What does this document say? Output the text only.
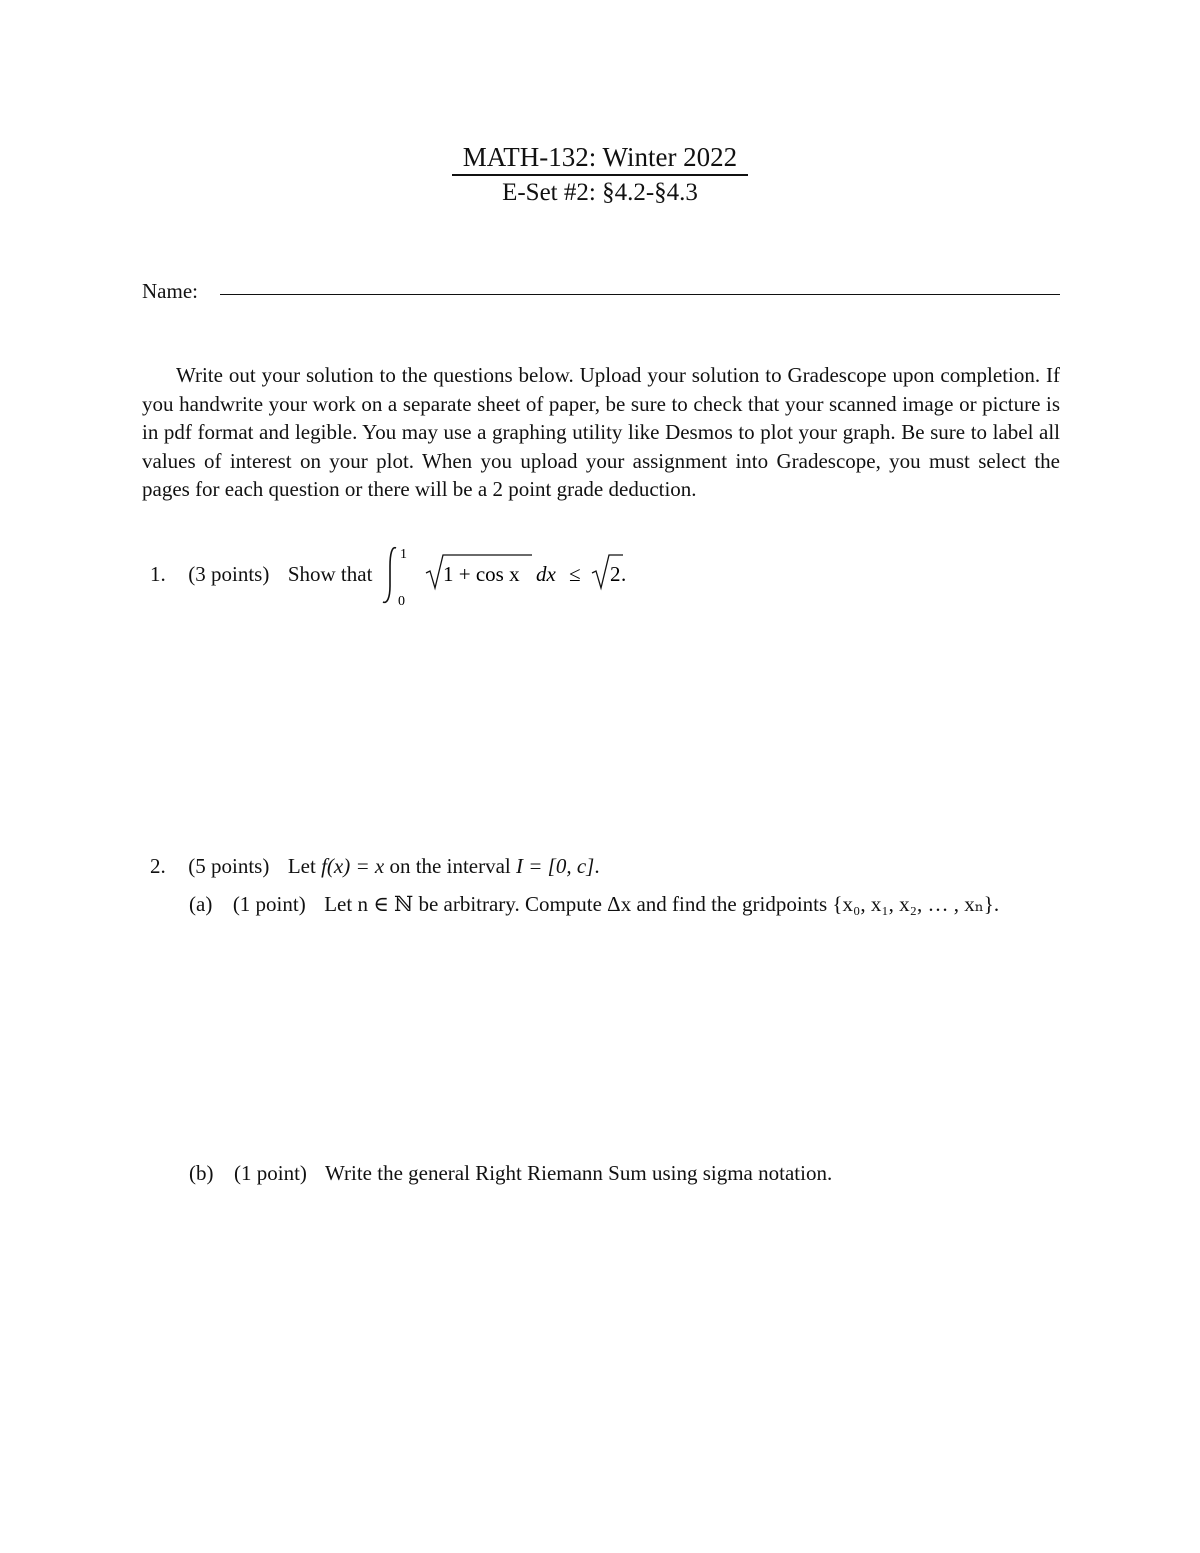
MATH-132: Winter 2022
E-Set #2: §4.2-§4.3
Name:

Write out your solution to the questions below. Upload your solution to Gradescope upon completion. If you handwrite your work on a separate sheet of paper, be sure to check that your scanned image or picture is in pdf format and legible. You may use a graphing utility like Desmos to plot your graph. Be sure to label all values of interest on your plot. When you upload your assignment into Gradescope, you must select the pages for each question or there will be a 2 point grade deduction.

1. (3 points) Show that
1
0
1 + cos x dx ≤ 2 .
2. (5 points) Let f(x) = x on the interval I = [0, c].
(a) (1 point) Let n ∈ ℕ be arbitrary. Compute Δx and find the gridpoints {x₀, x₁, x₂, … , xₙ}.
(b) (1 point) Write the general Right Riemann Sum using sigma notation.
